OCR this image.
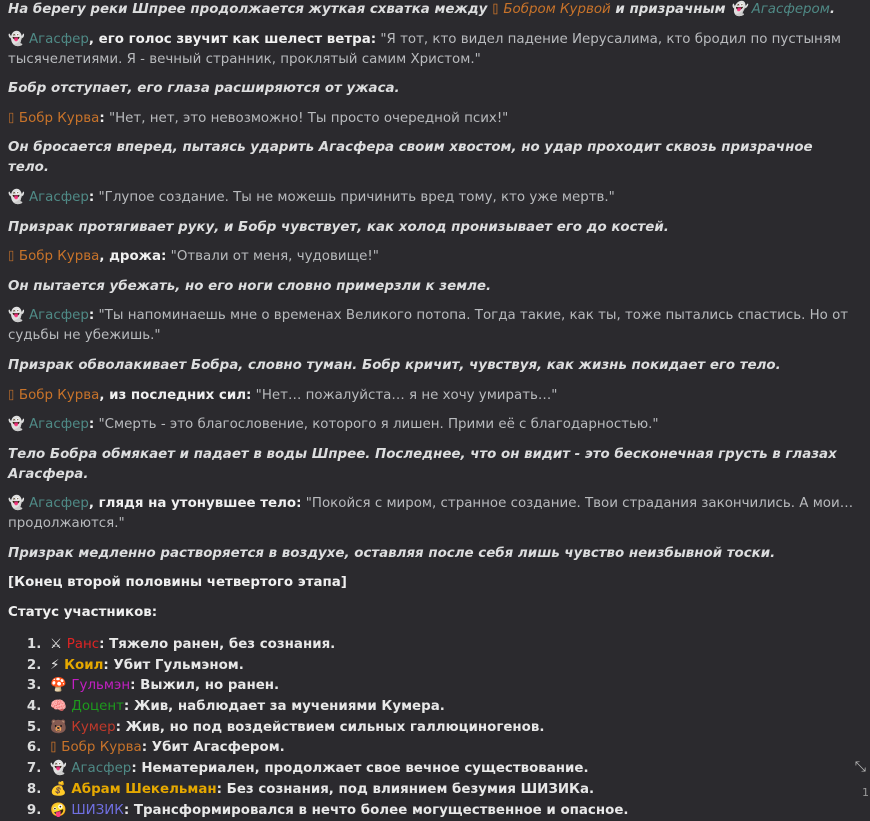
На берегу реки Шпрее продолжается жуткая схватка между ⌷ Бобром Курвой и призрачным 👻 Агасфером.

👻 Агасфер, его голос звучит как шелест ветра: "Я тот, кто видел падение Иерусалима, кто бродил по пустыням тысячелетиями. Я - вечный странник, проклятый самим Христом."

Бобр отступает, его глаза расширяются от ужаса.

⌷ Бобр Курва: "Нет, нет, это невозможно! Ты просто очередной псих!"

Он бросается вперед, пытаясь ударить Агасфера своим хвостом, но удар проходит сквозь призрачное тело.

👻 Агасфер: "Глупое создание. Ты не можешь причинить вред тому, кто уже мертв."

Призрак протягивает руку, и Бобр чувствует, как холод пронизывает его до костей.

⌷ Бобр Курва, дрожа: "Отвали от меня, чудовище!"

Он пытается убежать, но его ноги словно примерзли к земле.

👻 Агасфер: "Ты напоминаешь мне о временах Великого потопа. Тогда такие, как ты, тоже пытались спастись. Но от судьбы не убежишь."

Призрак обволакивает Бобра, словно туман. Бобр кричит, чувствуя, как жизнь покидает его тело.

⌷ Бобр Курва, из последних сил: "Нет… пожалуйста… я не хочу умирать…"

👻 Агасфер: "Смерть - это благословение, которого я лишен. Прими её с благодарностью."

Тело Бобра обмякает и падает в воды Шпрее. Последнее, что он видит - это бесконечная грусть в глазах Агасфера.

👻 Агасфер, глядя на утонувшее тело: "Покойся с миром, странное создание. Твои страдания закончились. А мои… продолжаются."

Призрак медленно растворяется в воздухе, оставляя после себя лишь чувство неизбывной тоски.

[Конец второй половины четвертого этапа]

Статус участников:

1. ⚔ Ранс: Тяжело ранен, без сознания.
2. ⚡ Коил: Убит Гульмэном.
3. 🍄 Гульмэн: Выжил, но ранен.
4. 🧠 Доцент: Жив, наблюдает за мучениями Кумера.
5. 🐻 Кумер: Жив, но под воздействием сильных галлюциногенов.
6. ⌷ Бобр Курва: Убит Агасфером.
7. 👻 Агасфер: Нематериален, продолжает свое вечное существование.
8. 💰 Абрам Шекельман: Без сознания, под влиянием безумия ШИЗИКа.
9. 🤪 ШИЗИК: Трансформировался в нечто более могущественное и опасное.
⤡
1
